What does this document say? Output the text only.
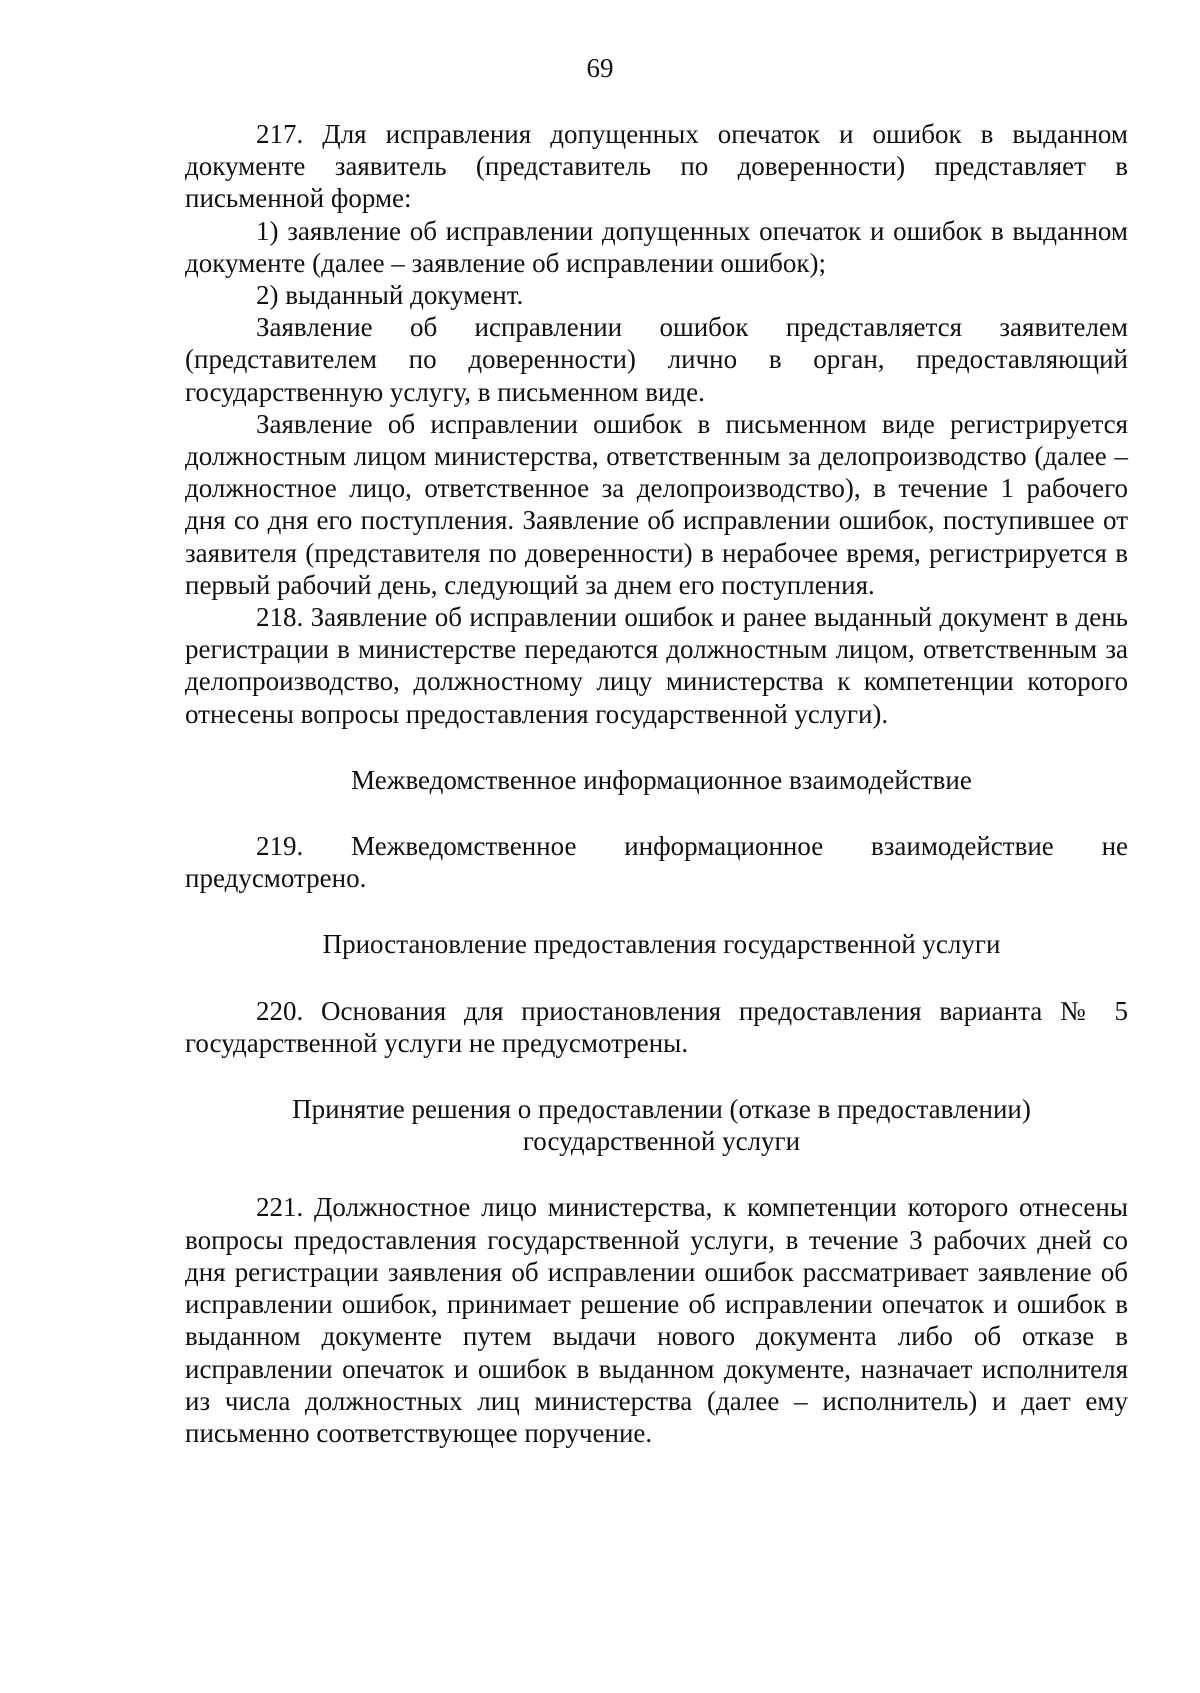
69

217. Для исправления допущенных опечаток и ошибок в выданном документе заявитель (представитель по доверенности) представляет в письменной форме:

1) заявление об исправлении допущенных опечаток и ошибок в выданном документе (далее – заявление об исправлении ошибок);

2) выданный документ.

Заявление об исправлении ошибок представляется заявителем (представителем по доверенности) лично в орган, предоставляющий государственную услугу, в письменном виде.

Заявление об исправлении ошибок в письменном виде регистрируется должностным лицом министерства, ответственным за делопроизводство (далее – должностное лицо, ответственное за делопроизводство), в течение 1 рабочего дня со дня его поступления. Заявление об исправлении ошибок, поступившее от заявителя (представителя по доверенности) в нерабочее время, регистрируется в первый рабочий день, следующий за днем его поступления.

218. Заявление об исправлении ошибок и ранее выданный документ в день регистрации в министерстве передаются должностным лицом, ответственным за делопроизводство, должностному лицу министерства к компетенции которого отнесены вопросы предоставления государственной услуги).

Межведомственное информационное взаимодействие

219. Межведомственное информационное взаимодействие не предусмотрено.

Приостановление предоставления государственной услуги

220. Основания для приостановления предоставления варианта № 5 государственной услуги не предусмотрены.

Принятие решения о предоставлении (отказе в предоставлении)
государственной услуги

221. Должностное лицо министерства, к компетенции которого отнесены вопросы предоставления государственной услуги, в течение 3 рабочих дней со дня регистрации заявления об исправлении ошибок рассматривает заявление об исправлении ошибок, принимает решение об исправлении опечаток и ошибок в выданном документе путем выдачи нового документа либо об отказе в исправлении опечаток и ошибок в выданном документе, назначает исполнителя из числа должностных лиц министерства (далее – исполнитель) и дает ему письменно соответствующее поручение.
